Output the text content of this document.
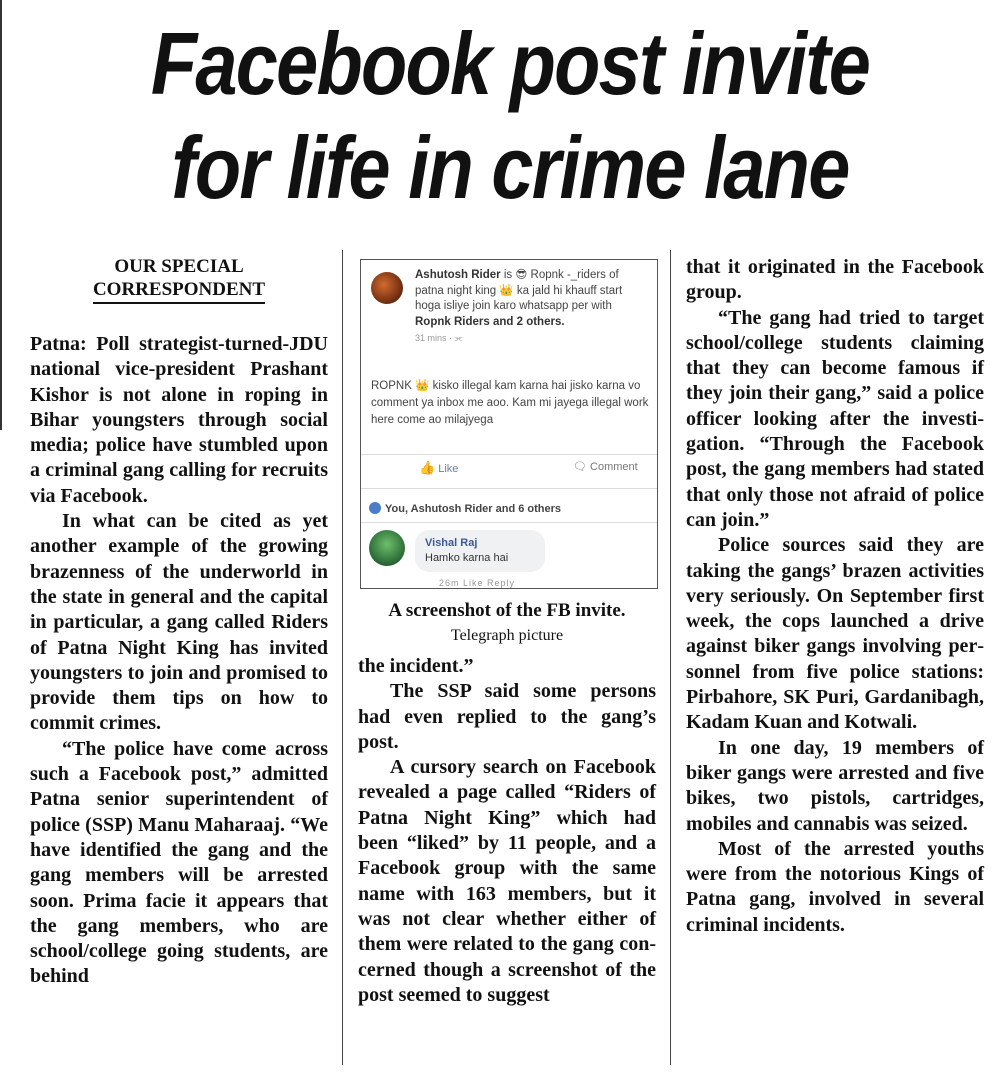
Facebook post invite
for life in crime lane
OUR SPECIAL
CORRESPONDENT

Patna: Poll strategist-turned-JDU national vice-president Prashant Kishor is not alone in roping in Bihar youngsters through social media; police have stumbled upon a criminal gang calling for recruits via Facebook.

In what can be cited as yet another example of the growing brazenness of the underworld in the state in general and the capital in particular, a gang called Riders of Patna Night King has invited youngsters to join and promised to provide them tips on how to commit crimes.

“The police have come across such a Facebook post,” admitted Patna senior superintendent of police (SSP) Manu Maharaaj. “We have identified the gang and the gang members will be arrested soon. Prima facie it appears that the gang members, who are school/college going students, are behind

Ashutosh Rider is 😎 Ropnk -_riders of patna night king 👑 ka jald hi khauff start hoga isliye join karo whatsapp per with Ropnk Riders and 2 others.
31 mins · ⫘
ROPNK 👑 kisko illegal kam karna hai jisko karna vo comment ya inbox me aoo. Kam mi jayega illegal work here come ao milajyega
👍 Like	🗨 Comment
You, Ashutosh Rider and 6 others
Vishal Raj
Hamko karna hai
26m Like Reply
A screenshot of the FB invite. Telegraph picture

the incident.”

The SSP said some persons had even replied to the gang’s post.

A cursory search on Facebook revealed a page called “Riders of Patna Night King” which had been “liked” by 11 people, and a Facebook group with the same name with 163 members, but it was not clear whether either of them were related to the gang concerned though a screenshot of the post seemed to suggest

that it originated in the Facebook group.

“The gang had tried to target school/college students claiming that they can become famous if they join their gang,” said a police officer looking after the investigation. “Through the Facebook post, the gang members had stated that only those not afraid of police can join.”

Police sources said they are taking the gangs’ brazen activities very seriously. On September first week, the cops launched a drive against biker gangs involving personnel from five police stations: Pirbahore, SK Puri, Gardanibagh, Kadam Kuan and Kotwali.

In one day, 19 members of biker gangs were arrested and five bikes, two pistols, cartridges, mobiles and cannabis was seized.

Most of the arrested youths were from the notorious Kings of Patna gang, involved in several criminal incidents.
